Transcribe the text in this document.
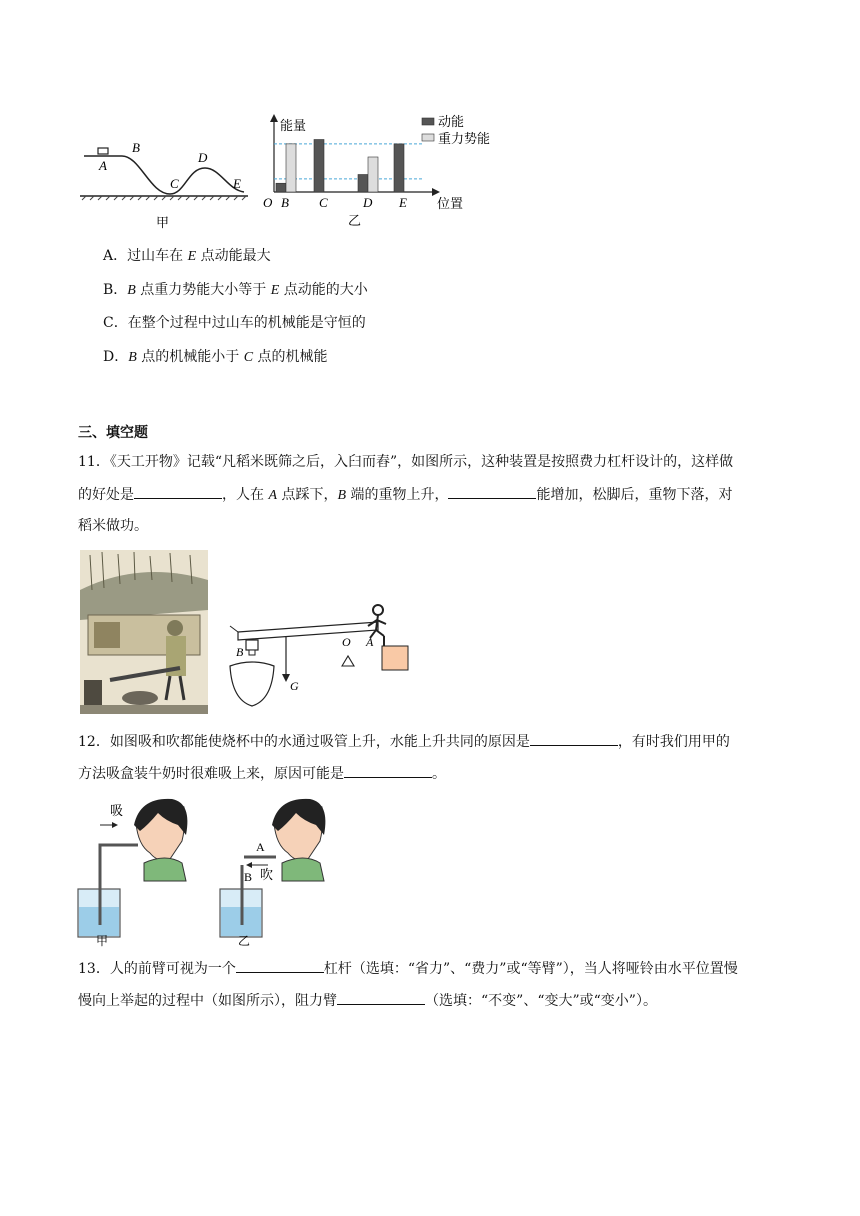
A
B
C
D
E
甲
能量
位置
O B C	D E
动能
重力势能
乙
A．过山车在 E 点动能最大
B．B 点重力势能大小等于 E 点动能的大小
C．在整个过程中过山车的机械能是守恒的
D．B 点的机械能小于 C 点的机械能
三、填空题
11．《天工开物》记载“凡稻米既筛之后，入臼而舂”，如图所示，这种装置是按照费力杠杆设计的，这样做
的好处是	，人在 A 点踩下，B 端的重物上升，	能增加，松脚后，重物下落，对
稻米做功。
B
O A
G
12．如图吸和吹都能使烧杯中的水通过吸管上升，水能上升共同的原因是	，有时我们用甲的
方法吸盒装牛奶时很难吸上来，原因可能是	。
吸
甲
A
B 吹
乙
13．人的前臂可视为一个	杠杆（选填：“省力”、“费力”或“等臂”），当人将哑铃由水平位置慢
慢向上举起的过程中（如图所示），阻力臂	（选填：“不变”、“变大”或“变小”）。
